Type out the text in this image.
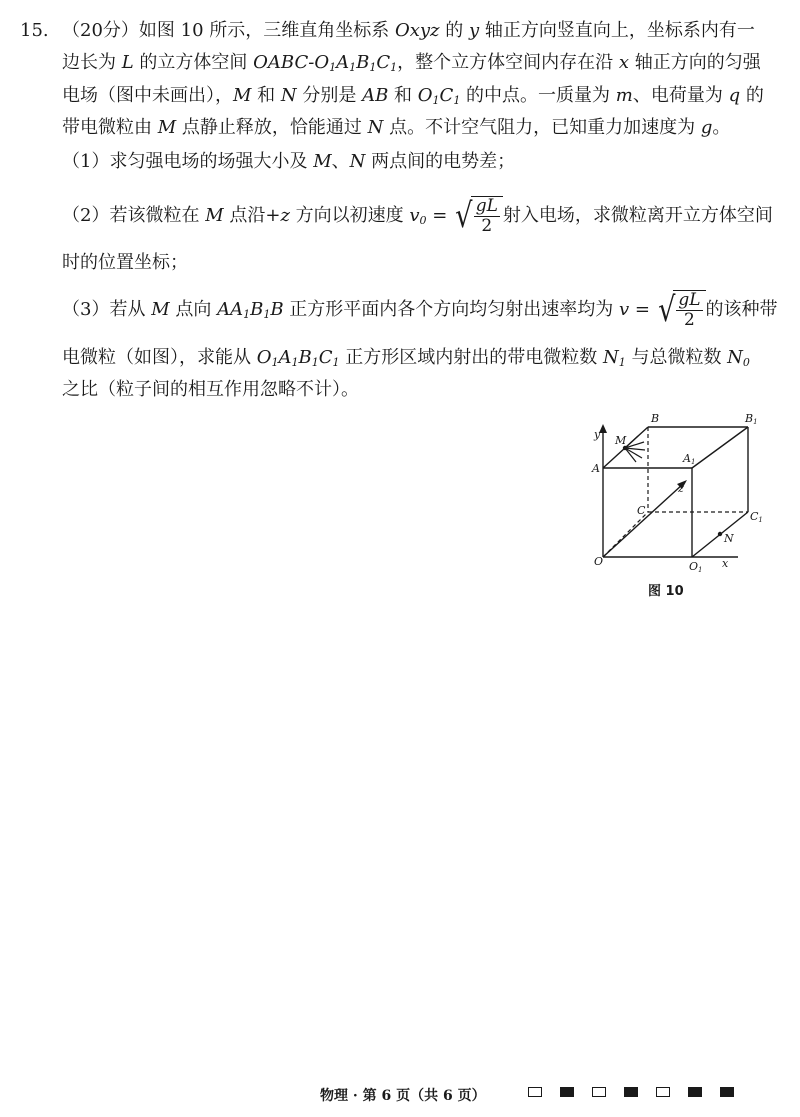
15. （20分）如图 10 所示，三维直角坐标系 Oxyz 的 y 轴正方向竖直向上，坐标系内有一
边长为 L 的立方体空间 OABC-$O_1A_1B_1C_1$，整个立方体空间内存在沿 x 轴正方向的匀强
电场（图中未画出），M 和 N 分别是 AB 和 $O_1C_1$ 的中点。一质量为 m、电荷量为 q 的
带电微粒由 M 点静止释放，恰能通过 N 点。不计空气阻力，已知重力加速度为 g。
（1）求匀强电场的场强大小及 M、N 两点间的电势差；
（2）若该微粒在 M 点沿+z 方向以初速度 $v_0$ = √
$\frac{gL}{2}$ 射入电场，求微粒离开立方体空间
时的位置坐标；
（3）若从 M 点向 $AA_1B_1B$ 正方形平面内各个方向均匀射出速率均为 v = √
$\frac{gL}{2}$ 的该种带
电微粒（如图），求能从 $O_1A_1B_1C_1$ 正方形区域内射出的带电微粒数 $N_1$ 与总微粒数 $N_0$
之比（粒子间的相互作用忽略不计）。
y
A
B	B1
A1
M
z
C	C1
N
O	O1 x
图 10
物理 · 第 6 页（共 6 页）
